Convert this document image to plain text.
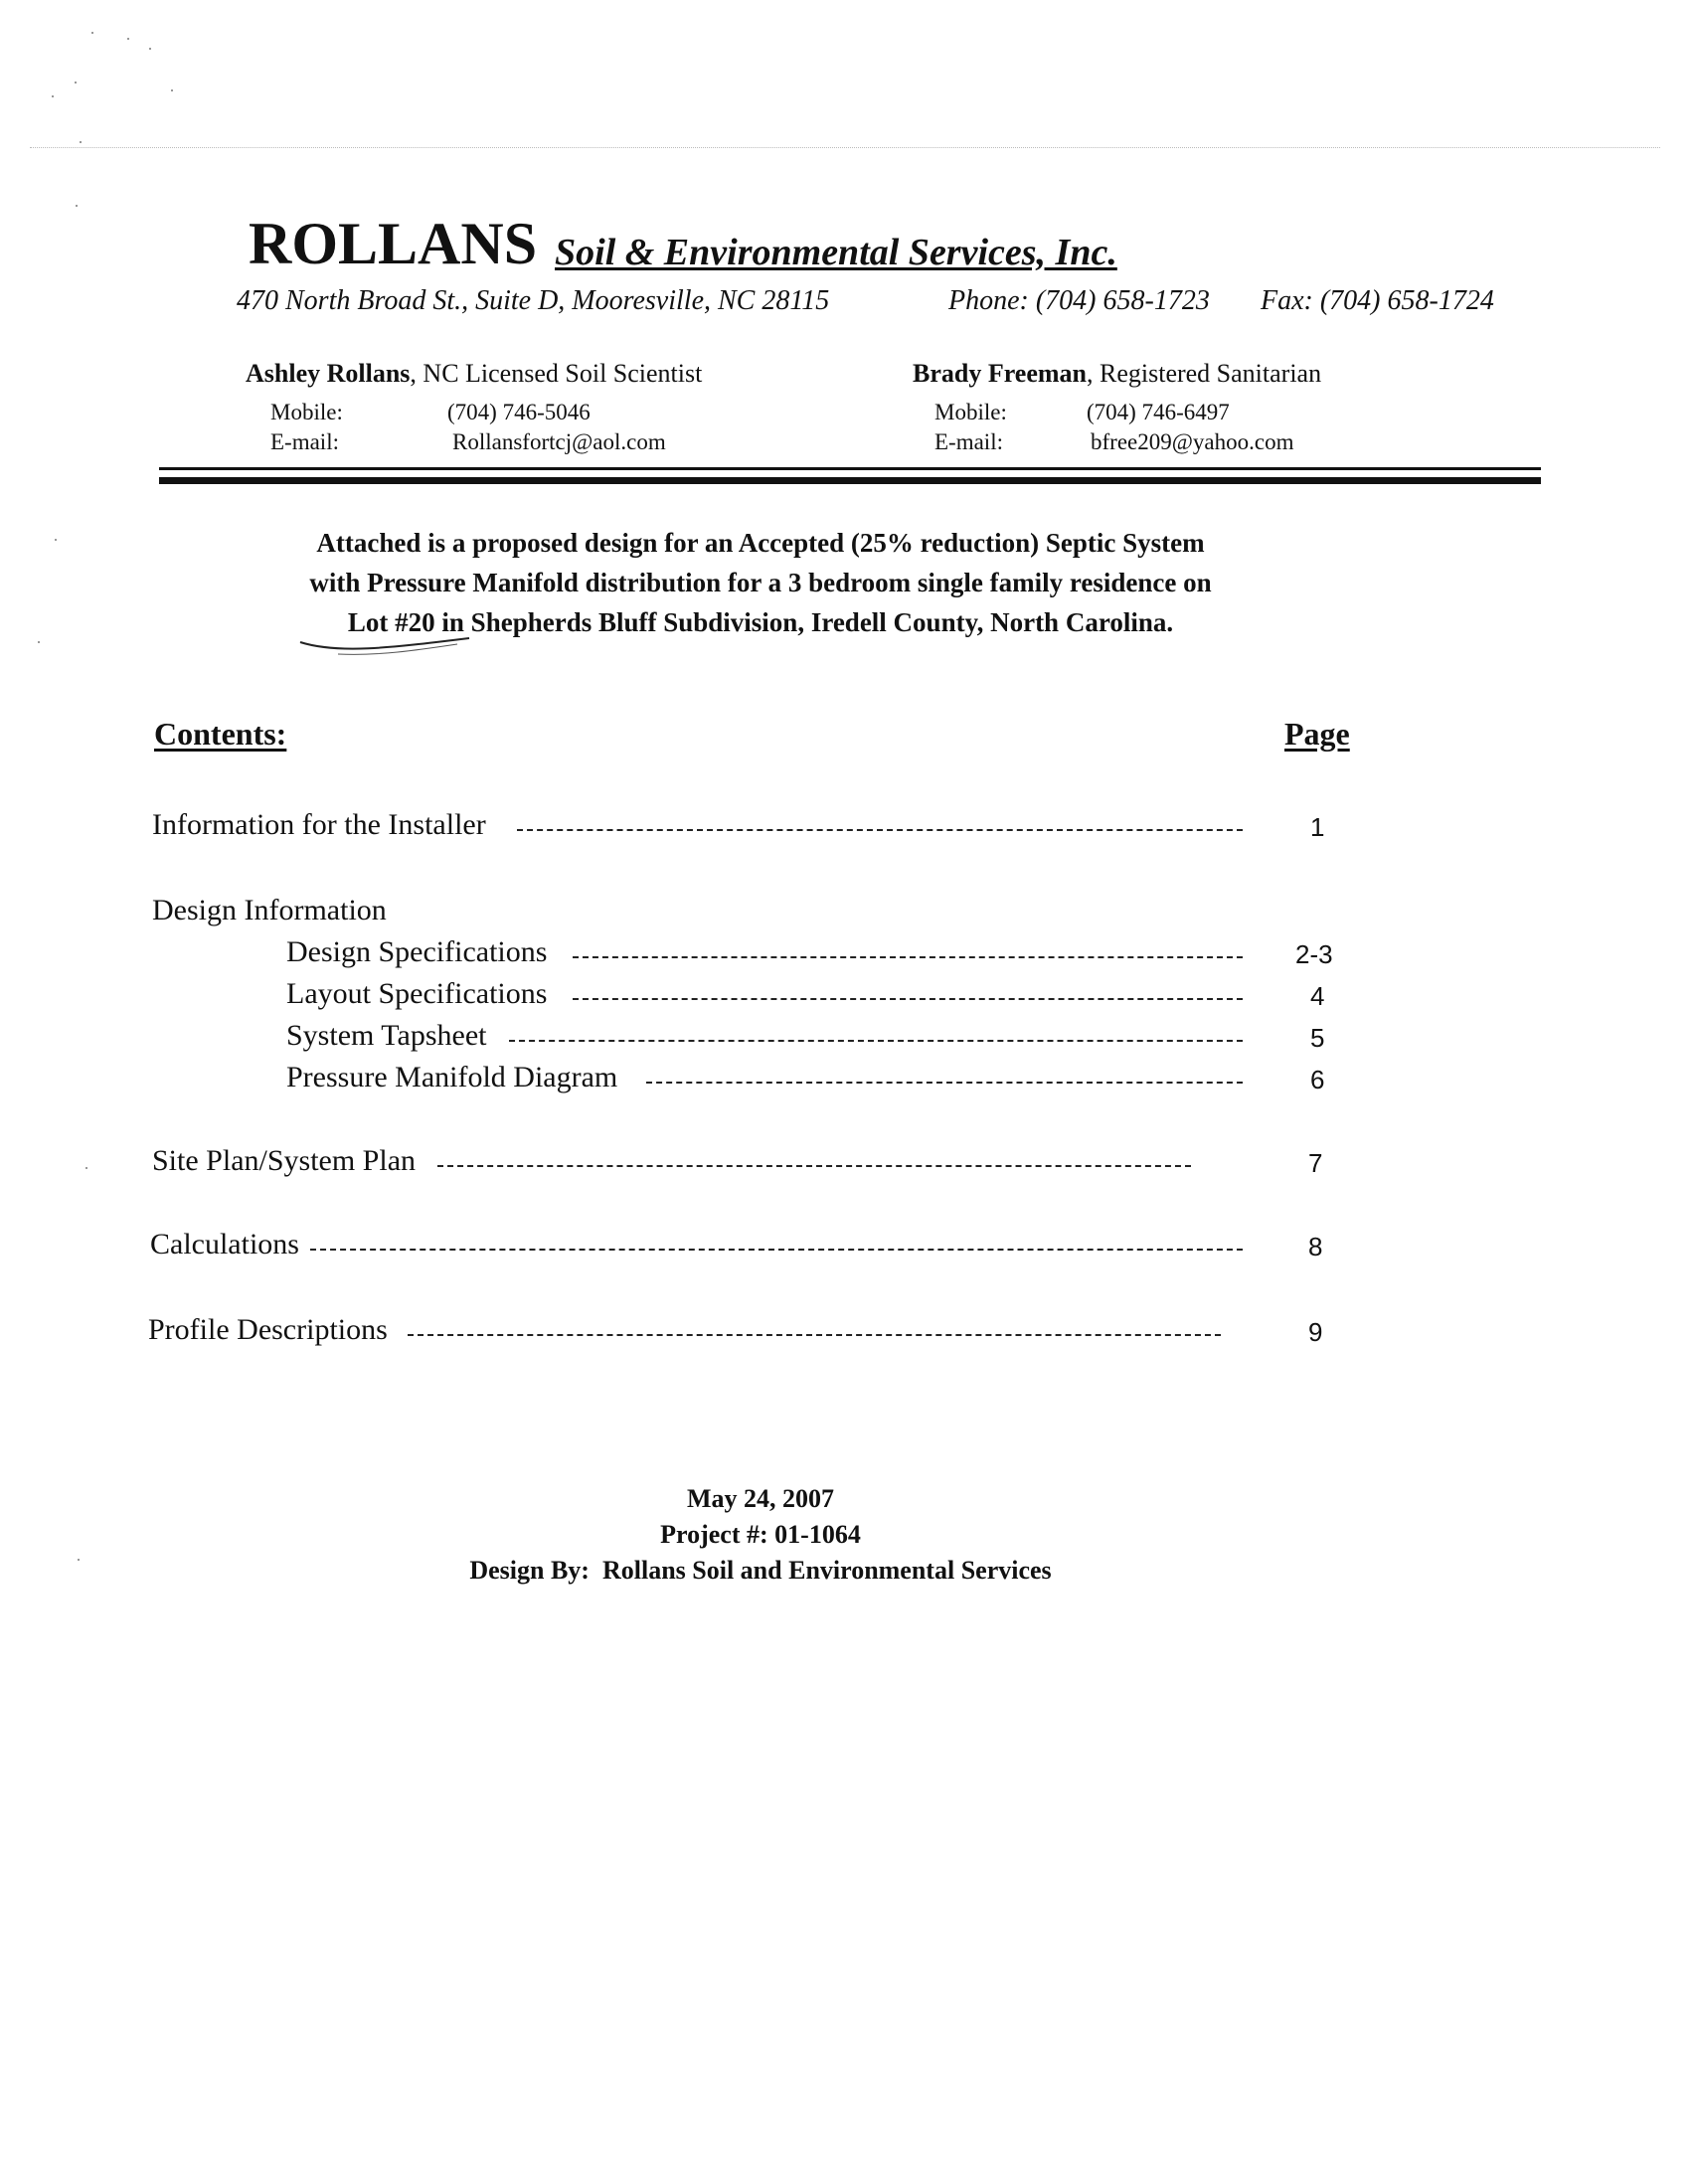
ROLLANS Soil & Environmental Services, Inc.
470 North Broad St., Suite D, Mooresville, NC 28115	Phone: (704) 658-1723 Fax: (704) 658-1724
Ashley Rollans, NC Licensed Soil Scientist
Mobile:	(704) 746-5046
E-mail:	Rollansfortcj@aol.com
Brady Freeman, Registered Sanitarian
Mobile:	(704) 746-6497
E-mail:	bfree209@yahoo.com
Attached is a proposed design for an Accepted (25% reduction) Septic System
with Pressure Manifold distribution for a 3 bedroom single family residence on
Lot #20 in Shepherds Bluff Subdivision, Iredell County, North Carolina.
Contents:	Page
Information for the Installer	1
Design Information
Design Specifications	2-3
Layout Specifications	4
System Tapsheet	5
Pressure Manifold Diagram	6
Site Plan/System Plan	7
Calculations	8
Profile Descriptions	9
May 24, 2007
Project #: 01-1064
Design By: Rollans Soil and Environmental Services
